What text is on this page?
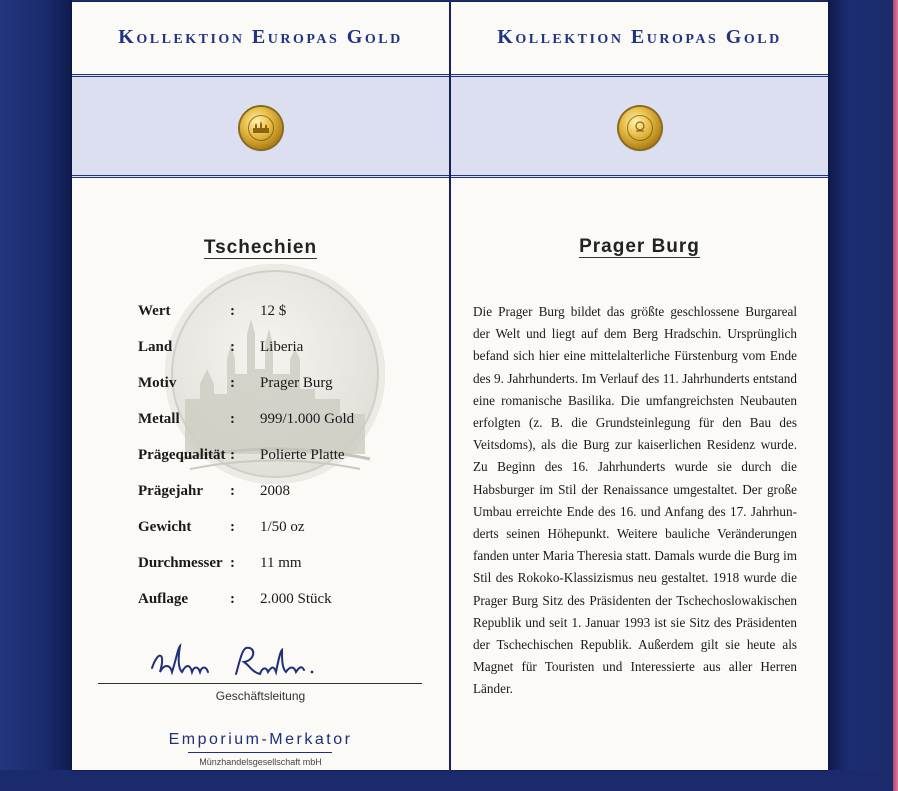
Kollektion Europas Gold
Tschechien
Wert	: 12 $
Land	: Liberia
Motiv	: Prager Burg
Metall	: 999/1.000 Gold
Prägequalität : Polierte Platte
Prägejahr : 2008
Gewicht	: 1/50 oz
Durchmesser : 11 mm
Auflage	: 2.000 Stück
Geschäftsleitung
Emporium-Merkator
Münzhandelsgesellschaft mbH
Kollektion Europas Gold
Prager Burg
Die Prager Burg bildet das größte geschlossene Burgareal der Welt und liegt auf dem Berg Hradschin. Ursprünglich befand sich hier eine mittelalterliche Fürstenburg vom Ende des 9. Jahrhunderts. Im Verlauf des 11. Jahrhunderts entstand eine romanische Basilika. Die umfangreichsten Neubauten erfolgten (z. B. die Grundsteinlegung für den Bau des Veitsdoms), als die Burg zur kaiserlichen Residenz wurde. Zu Beginn des 16. Jahrhunderts wurde sie durch die Habsburger im Stil der Renaissance umgestaltet. Der große Umbau erreichte Ende des 16. und Anfang des 17. Jahrhunderts seinen Höhepunkt. Weitere bauliche Veränderungen fanden unter Maria Theresia statt. Damals wurde die Burg im Stil des Rokoko-Klassizismus neu gestaltet. 1918 wurde die Prager Burg Sitz des Präsidenten der Tschechoslowakischen Republik und seit 1. Januar 1993 ist sie Sitz des Präsidenten der Tschechischen Republik. Außerdem gilt sie heute als Magnet für Touristen und Interessierte aus aller Herren Länder.
